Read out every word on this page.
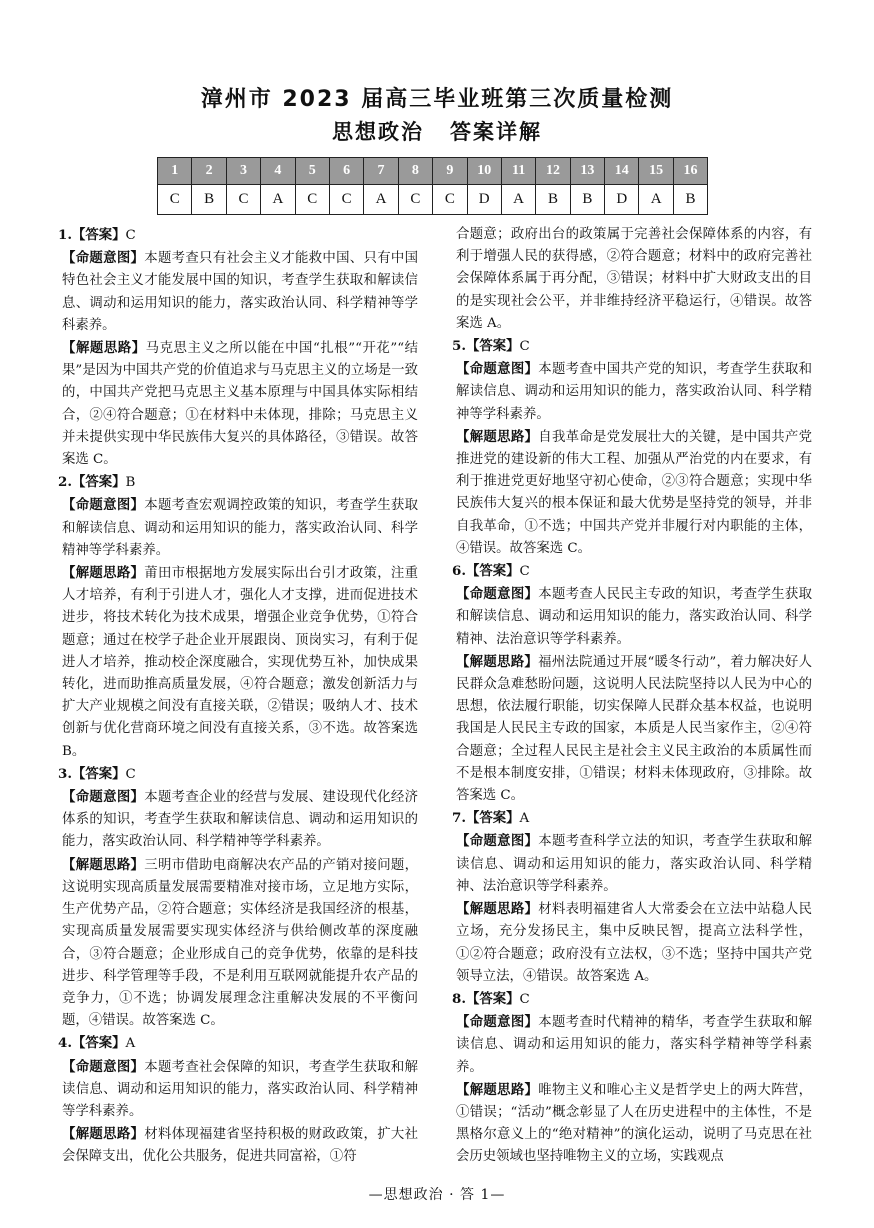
漳州市 2023 届高三毕业班第三次质量检测
思想政治 答案详解
1	2	3	4	5	6	7	8	9	10	11	12	13	14	15	16
C	B	C	A	C	C	A	C	C	D	A	B	B	D	A	B
1.【答案】C
【命题意图】本题考查只有社会主义才能救中国、只有中国特色社会主义才能发展中国的知识，考查学生获取和解读信息、调动和运用知识的能力，落实政治认同、科学精神等学科素养。
【解题思路】马克思主义之所以能在中国“扎根”“开花”“结果”是因为中国共产党的价值追求与马克思主义的立场是一致的，中国共产党把马克思主义基本原理与中国具体实际相结合，②④符合题意；①在材料中未体现，排除；马克思主义并未提供实现中华民族伟大复兴的具体路径，③错误。故答案选 C。
2.【答案】B
【命题意图】本题考查宏观调控政策的知识，考查学生获取和解读信息、调动和运用知识的能力，落实政治认同、科学精神等学科素养。
【解题思路】莆田市根据地方发展实际出台引才政策，注重人才培养，有利于引进人才，强化人才支撑，进而促进技术进步，将技术转化为技术成果，增强企业竞争优势，①符合题意；通过在校学子赴企业开展跟岗、顶岗实习，有利于促进人才培养，推动校企深度融合，实现优势互补，加快成果转化，进而助推高质量发展，④符合题意；激发创新活力与扩大产业规模之间没有直接关联，②错误；吸纳人才、技术创新与优化营商环境之间没有直接关系，③不选。故答案选 B。
3.【答案】C
【命题意图】本题考查企业的经营与发展、建设现代化经济体系的知识，考查学生获取和解读信息、调动和运用知识的能力，落实政治认同、科学精神等学科素养。
【解题思路】三明市借助电商解决农产品的产销对接问题，这说明实现高质量发展需要精准对接市场，立足地方实际，生产优势产品，②符合题意；实体经济是我国经济的根基，实现高质量发展需要实现实体经济与供给侧改革的深度融合，③符合题意；企业形成自己的竞争优势，依靠的是科技进步、科学管理等手段，不是利用互联网就能提升农产品的竞争力，①不选；协调发展理念注重解决发展的不平衡问题，④错误。故答案选 C。
4.【答案】A
【命题意图】本题考查社会保障的知识，考查学生获取和解读信息、调动和运用知识的能力，落实政治认同、科学精神等学科素养。
【解题思路】材料体现福建省坚持积极的财政政策，扩大社会保障支出，优化公共服务，促进共同富裕，①符
合题意；政府出台的政策属于完善社会保障体系的内容，有利于增强人民的获得感，②符合题意；材料中的政府完善社会保障体系属于再分配，③错误；材料中扩大财政支出的目的是实现社会公平，并非维持经济平稳运行，④错误。故答案选 A。
5.【答案】C
【命题意图】本题考查中国共产党的知识，考查学生获取和解读信息、调动和运用知识的能力，落实政治认同、科学精神等学科素养。
【解题思路】自我革命是党发展壮大的关键，是中国共产党推进党的建设新的伟大工程、加强从严治党的内在要求，有利于推进党更好地坚守初心使命，②③符合题意；实现中华民族伟大复兴的根本保证和最大优势是坚持党的领导，并非自我革命，①不选；中国共产党并非履行对内职能的主体，④错误。故答案选 C。
6.【答案】C
【命题意图】本题考查人民民主专政的知识，考查学生获取和解读信息、调动和运用知识的能力，落实政治认同、科学精神、法治意识等学科素养。
【解题思路】福州法院通过开展“暖冬行动”，着力解决好人民群众急难愁盼问题，这说明人民法院坚持以人民为中心的思想，依法履行职能，切实保障人民群众基本权益，也说明我国是人民民主专政的国家，本质是人民当家作主，②④符合题意；全过程人民民主是社会主义民主政治的本质属性而不是根本制度安排，①错误；材料未体现政府，③排除。故答案选 C。
7.【答案】A
【命题意图】本题考查科学立法的知识，考查学生获取和解读信息、调动和运用知识的能力，落实政治认同、科学精神、法治意识等学科素养。
【解题思路】材料表明福建省人大常委会在立法中站稳人民立场，充分发扬民主，集中反映民智，提高立法科学性，①②符合题意；政府没有立法权，③不选；坚持中国共产党领导立法，④错误。故答案选 A。
8.【答案】C
【命题意图】本题考查时代精神的精华，考查学生获取和解读信息、调动和运用知识的能力，落实科学精神等学科素养。
【解题思路】唯物主义和唯心主义是哲学史上的两大阵营，①错误；“活动”概念彰显了人在历史进程中的主体性，不是黑格尔意义上的“绝对精神”的演化运动，说明了马克思在社会历史领域也坚持唯物主义的立场，实践观点
—思想政治 · 答 1—
